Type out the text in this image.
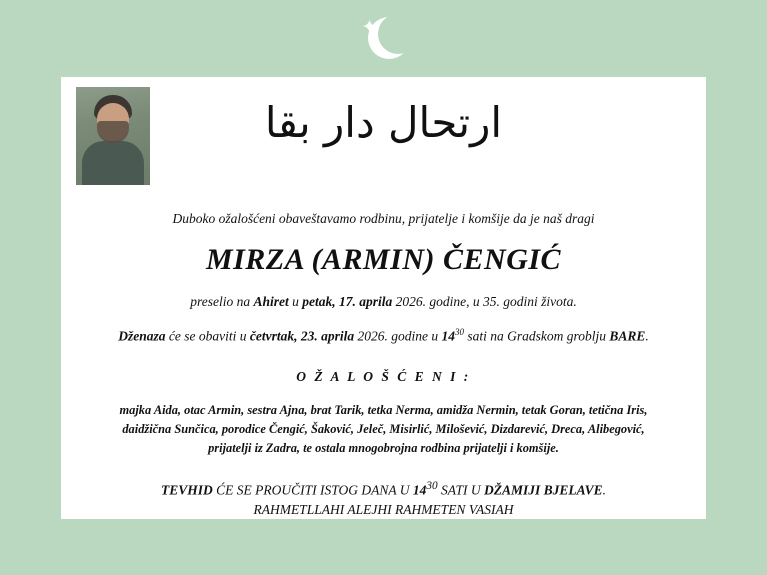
✦
ارتحال دار بقا
Duboko ožalošćeni obaveštavamo rodbinu, prijatelje i komšije da je naš dragi
MIRZA (ARMIN) ČENGIĆ
preselio na Ahiret u petak, 17. aprila 2026. godine, u 35. godini života.
Dženaza će se obaviti u četvrtak, 23. aprila 2026. godine u $14^{30}$ sati na Gradskom groblju BARE.
O Ž A L O Š Ć E N I :
majka Aida, otac Armin, sestra Ajna, brat Tarik, tetka Nerma, amidža Nermin, tetak Goran, tetična Iris, daidžična Sunčica, porodice Čengić, Šaković, Jeleč, Misirlić, Milošević, Dizdarević, Dreca, Alibegović, prijatelji iz Zadra, te ostala mnogobrojna rodbina prijatelji i komšije.
TEVHID ĆE SE PROUČITI ISTOG DANA U $14^{30}$ SATI U DŽAMIJI BJELAVE.
RAHMETLLAHI ALEJHI RAHMETEN VASIAH
